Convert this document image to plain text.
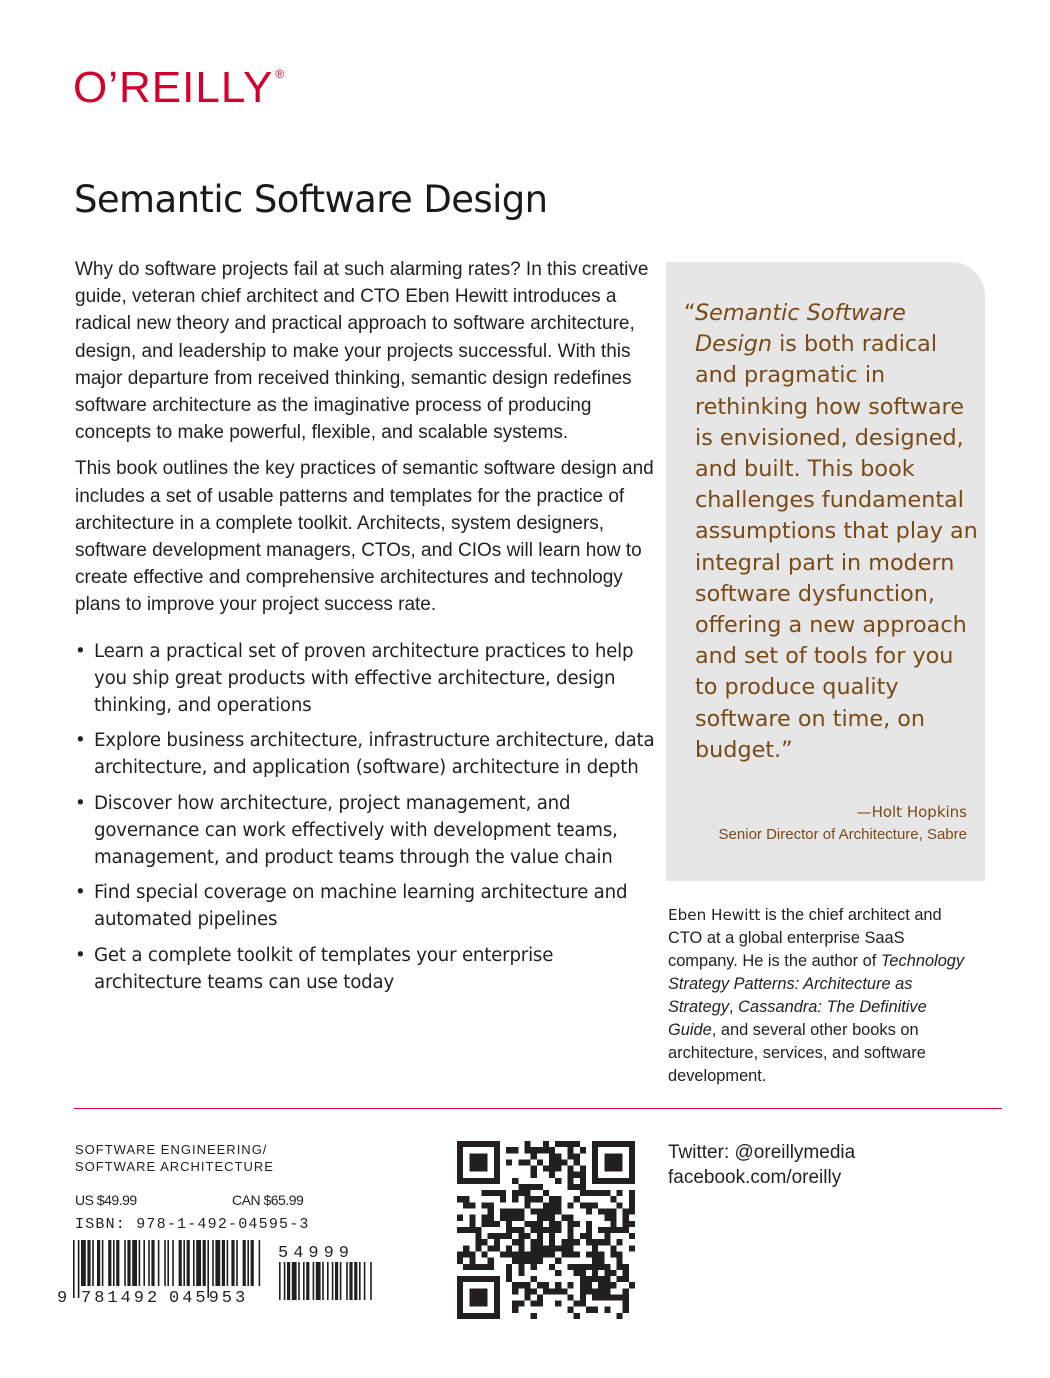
O’REILLY ®
Semantic Software Design

Why do software projects fail at such alarming rates? In this creative guide, veteran chief architect and CTO Eben Hewitt introduces a radical new theory and practical approach to software architecture, design, and leadership to make your projects successful. With this major departure from received thinking, semantic design redefines software architecture as the imaginative process of producing concepts to make powerful, flexible, and scalable systems.

This book outlines the key practices of semantic software design and includes a set of usable patterns and templates for the practice of architecture in a complete toolkit. Architects, system designers, software development managers, CTOs, and CIOs will learn how to create effective and comprehensive architectures and technology plans to improve your project success rate.

• Learn a practical set of proven architecture practices to help you ship great products with effective architecture, design thinking, and operations
• Explore business architecture, infrastructure architecture, data architecture, and application (software) architecture in depth
• Discover how architecture, project management, and governance can work effectively with development teams, management, and product teams through the value chain
• Find special coverage on machine learning architecture and automated pipelines
• Get a complete toolkit of templates your enterprise architecture teams can use today
“ Semantic Software Design is both radical and pragmatic in rethinking how software is envisioned, designed, and built. This book challenges fundamental assumptions that play an integral part in modern software dysfunction, offering a new approach and set of tools for you to produce quality software on time, on budget.”
—Holt Hopkins
Senior Director of Architecture, Sabre
Eben Hewitt is the chief architect and CTO at a global enterprise SaaS company. He is the author of Technology Strategy Patterns: Architecture as Strategy, Cassandra: The Definitive Guide, and several other books on architecture, services, and software development.
SOFTWARE ENGINEERING/
SOFTWARE ARCHITECTURE
US $49.99	CAN $65.99
ISBN: 978-1-492-04595-3
9 781492 045953
54999
Twitter: @oreillymedia
facebook.com/oreilly
